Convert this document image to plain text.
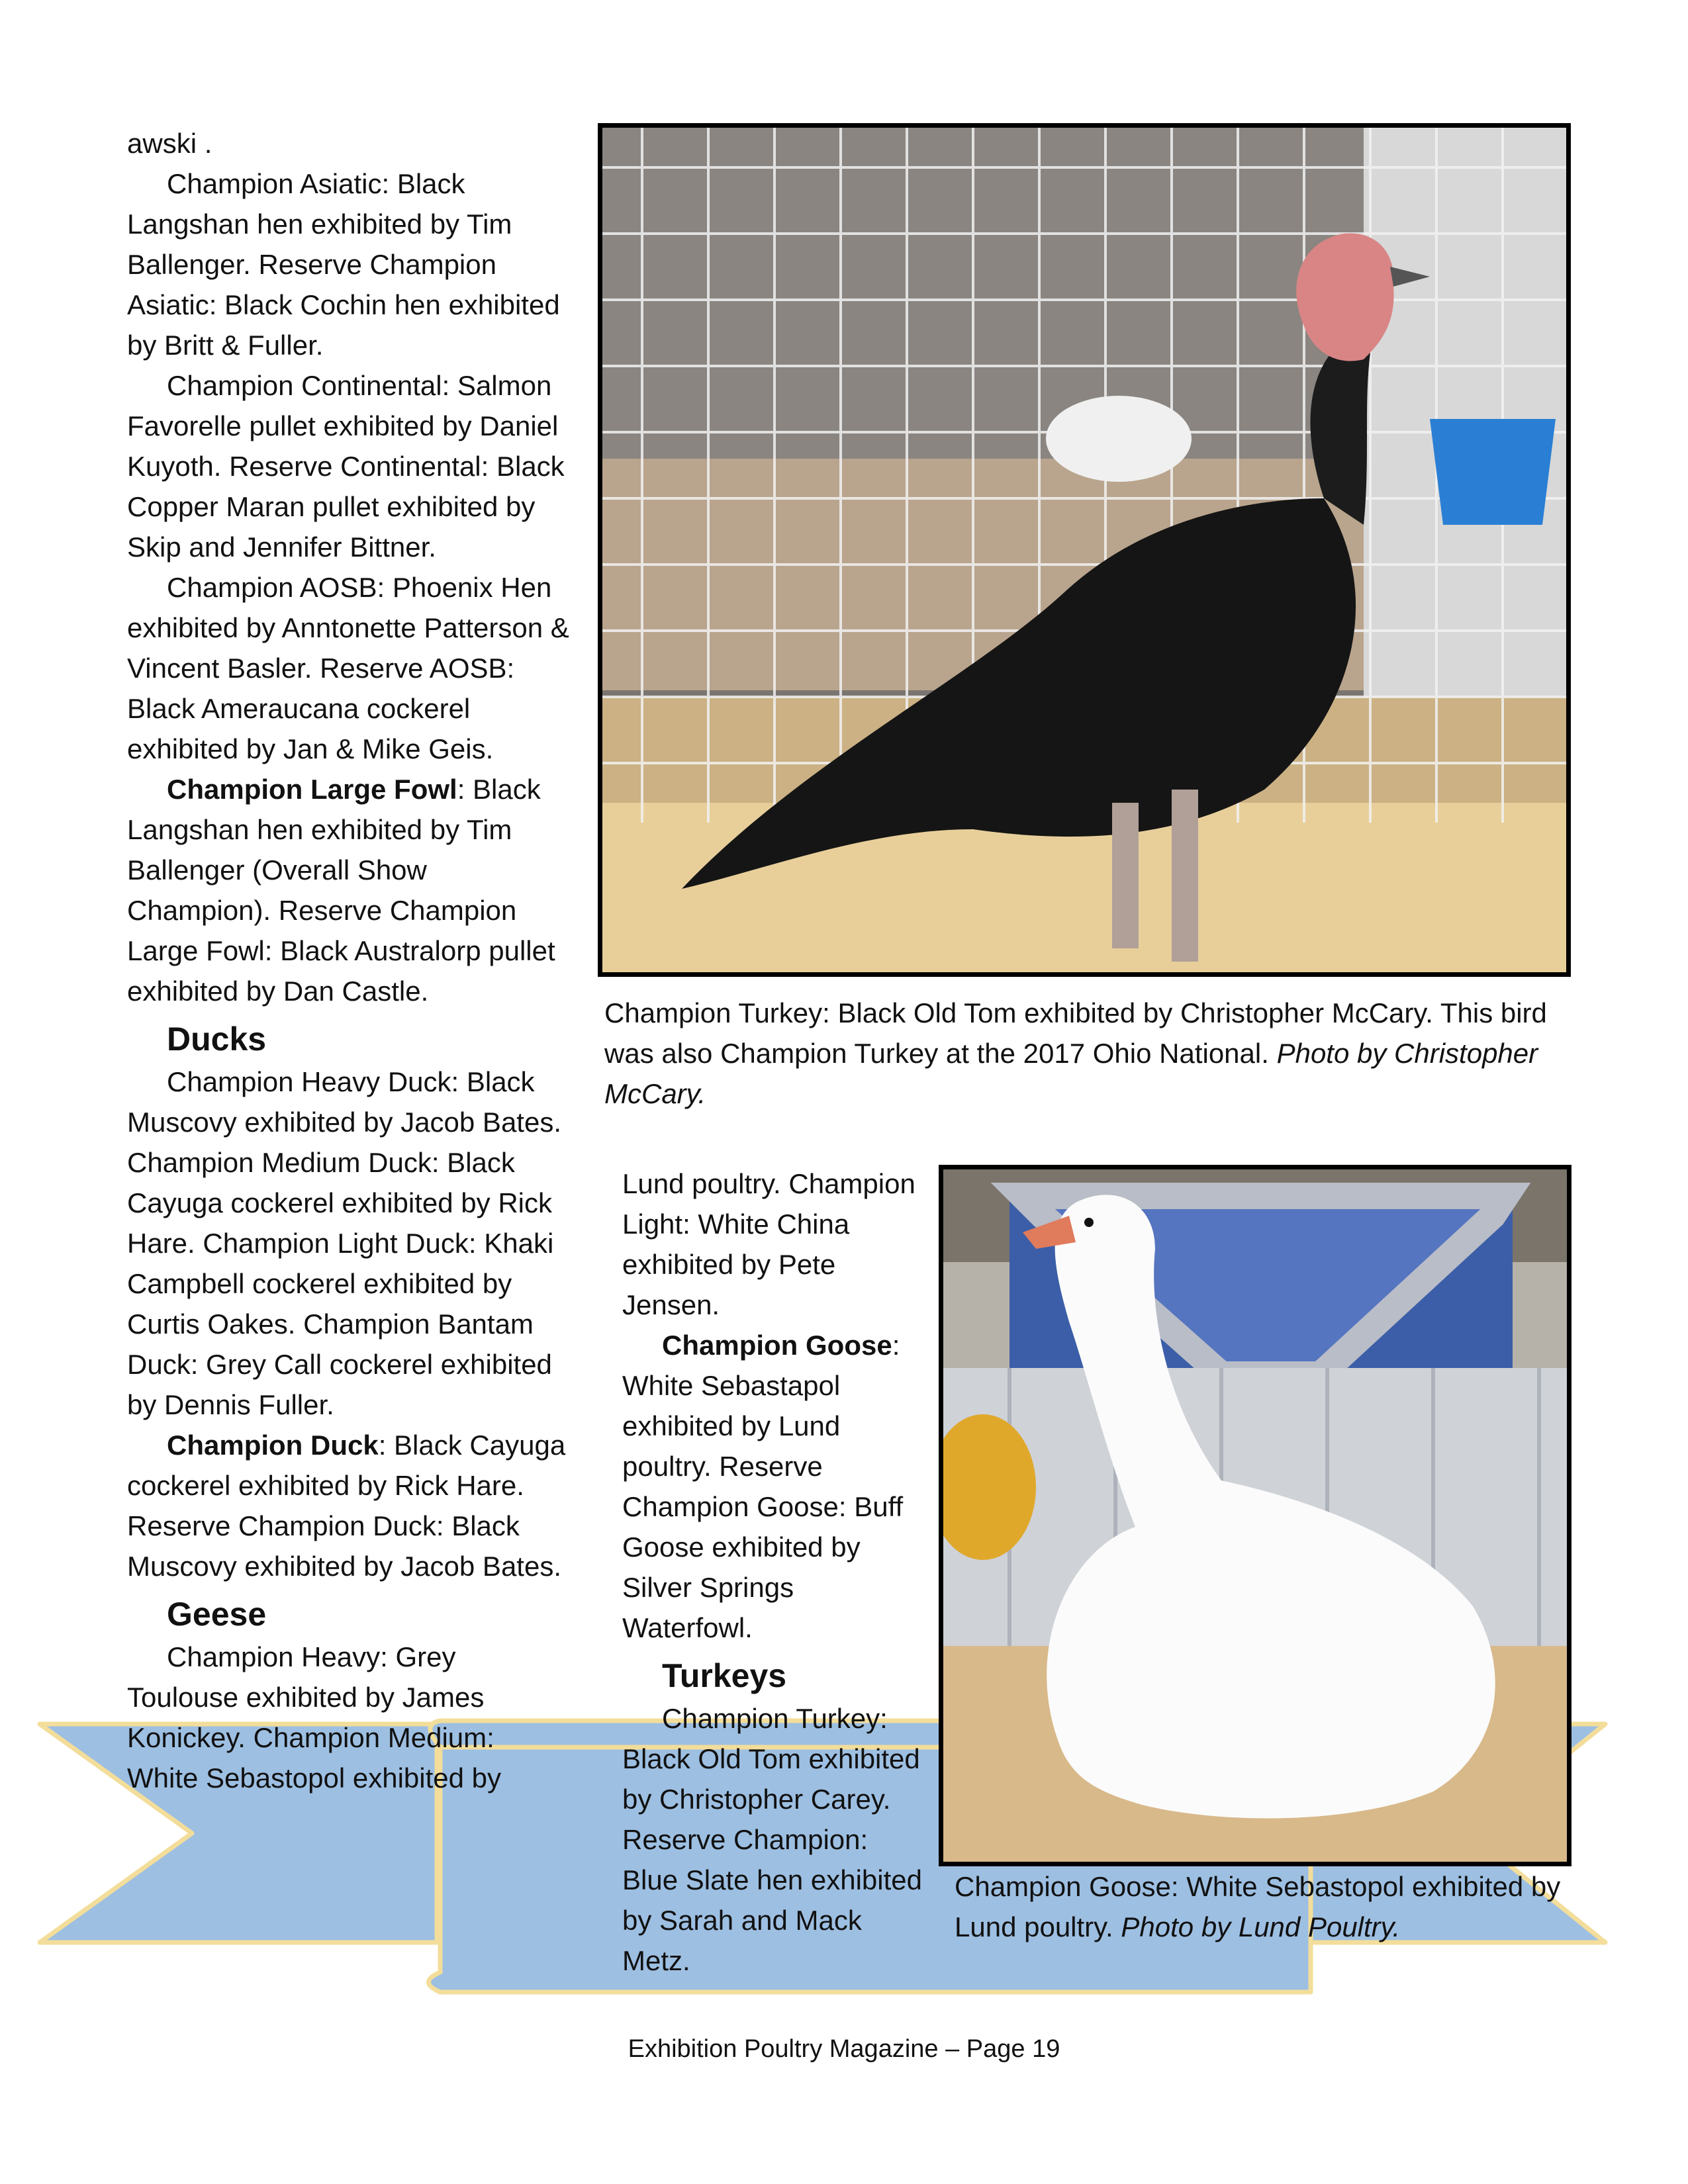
awski .

Champion Asiatic: Black Langshan hen exhibited by Tim Ballenger. Reserve Champion Asiatic: Black Cochin hen exhibited by Britt & Fuller.

Champion Continental: Salmon Favorelle pullet exhibited by Daniel Kuyoth. Reserve Continental: Black Copper Maran pullet exhibited by Skip and Jennifer Bittner.

Champion AOSB: Phoenix Hen exhibited by Anntonette Patterson & Vincent Basler. Reserve AOSB: Black Ameraucana cockerel exhibited by Jan & Mike Geis.

Champion Large Fowl: Black Langshan hen exhibited by Tim Ballenger (Overall Show Champion). Reserve Champion Large Fowl: Black Australorp pullet exhibited by Dan Castle.

Ducks

Champion Heavy Duck: Black Muscovy exhibited by Jacob Bates. Champion Medium Duck: Black Cayuga cockerel exhibited by Rick Hare. Champion Light Duck: Khaki Campbell cockerel exhibited by Curtis Oakes. Champion Bantam Duck: Grey Call cockerel exhibited by Dennis Fuller.

Champion Duck: Black Cayuga cockerel exhibited by Rick Hare. Reserve Champion Duck: Black Muscovy exhibited by Jacob Bates.

Geese

Champion Heavy: Grey Toulouse exhibited by James Konickey. Champion Medium: White Sebastopol exhibited by

Champion Turkey: Black Old Tom exhibited by Christopher McCary. This bird was also Champion Turkey at the 2017 Ohio National. Photo by Christopher McCary.

Lund poultry. Champion Light: White China exhibited by Pete Jensen.

Champion Goose: White Sebastapol exhibited by Lund poultry. Reserve Champion Goose: Buff Goose exhibited by Silver Springs Waterfowl.

Turkeys

Champion Turkey: Black Old Tom exhibited by Christopher Carey. Reserve Champion: Blue Slate hen exhibited by Sarah and Mack Metz.

Champion Goose: White Sebastopol exhibited by Lund poultry. Photo by Lund Poultry.

Exhibition Poultry Magazine – Page 19
